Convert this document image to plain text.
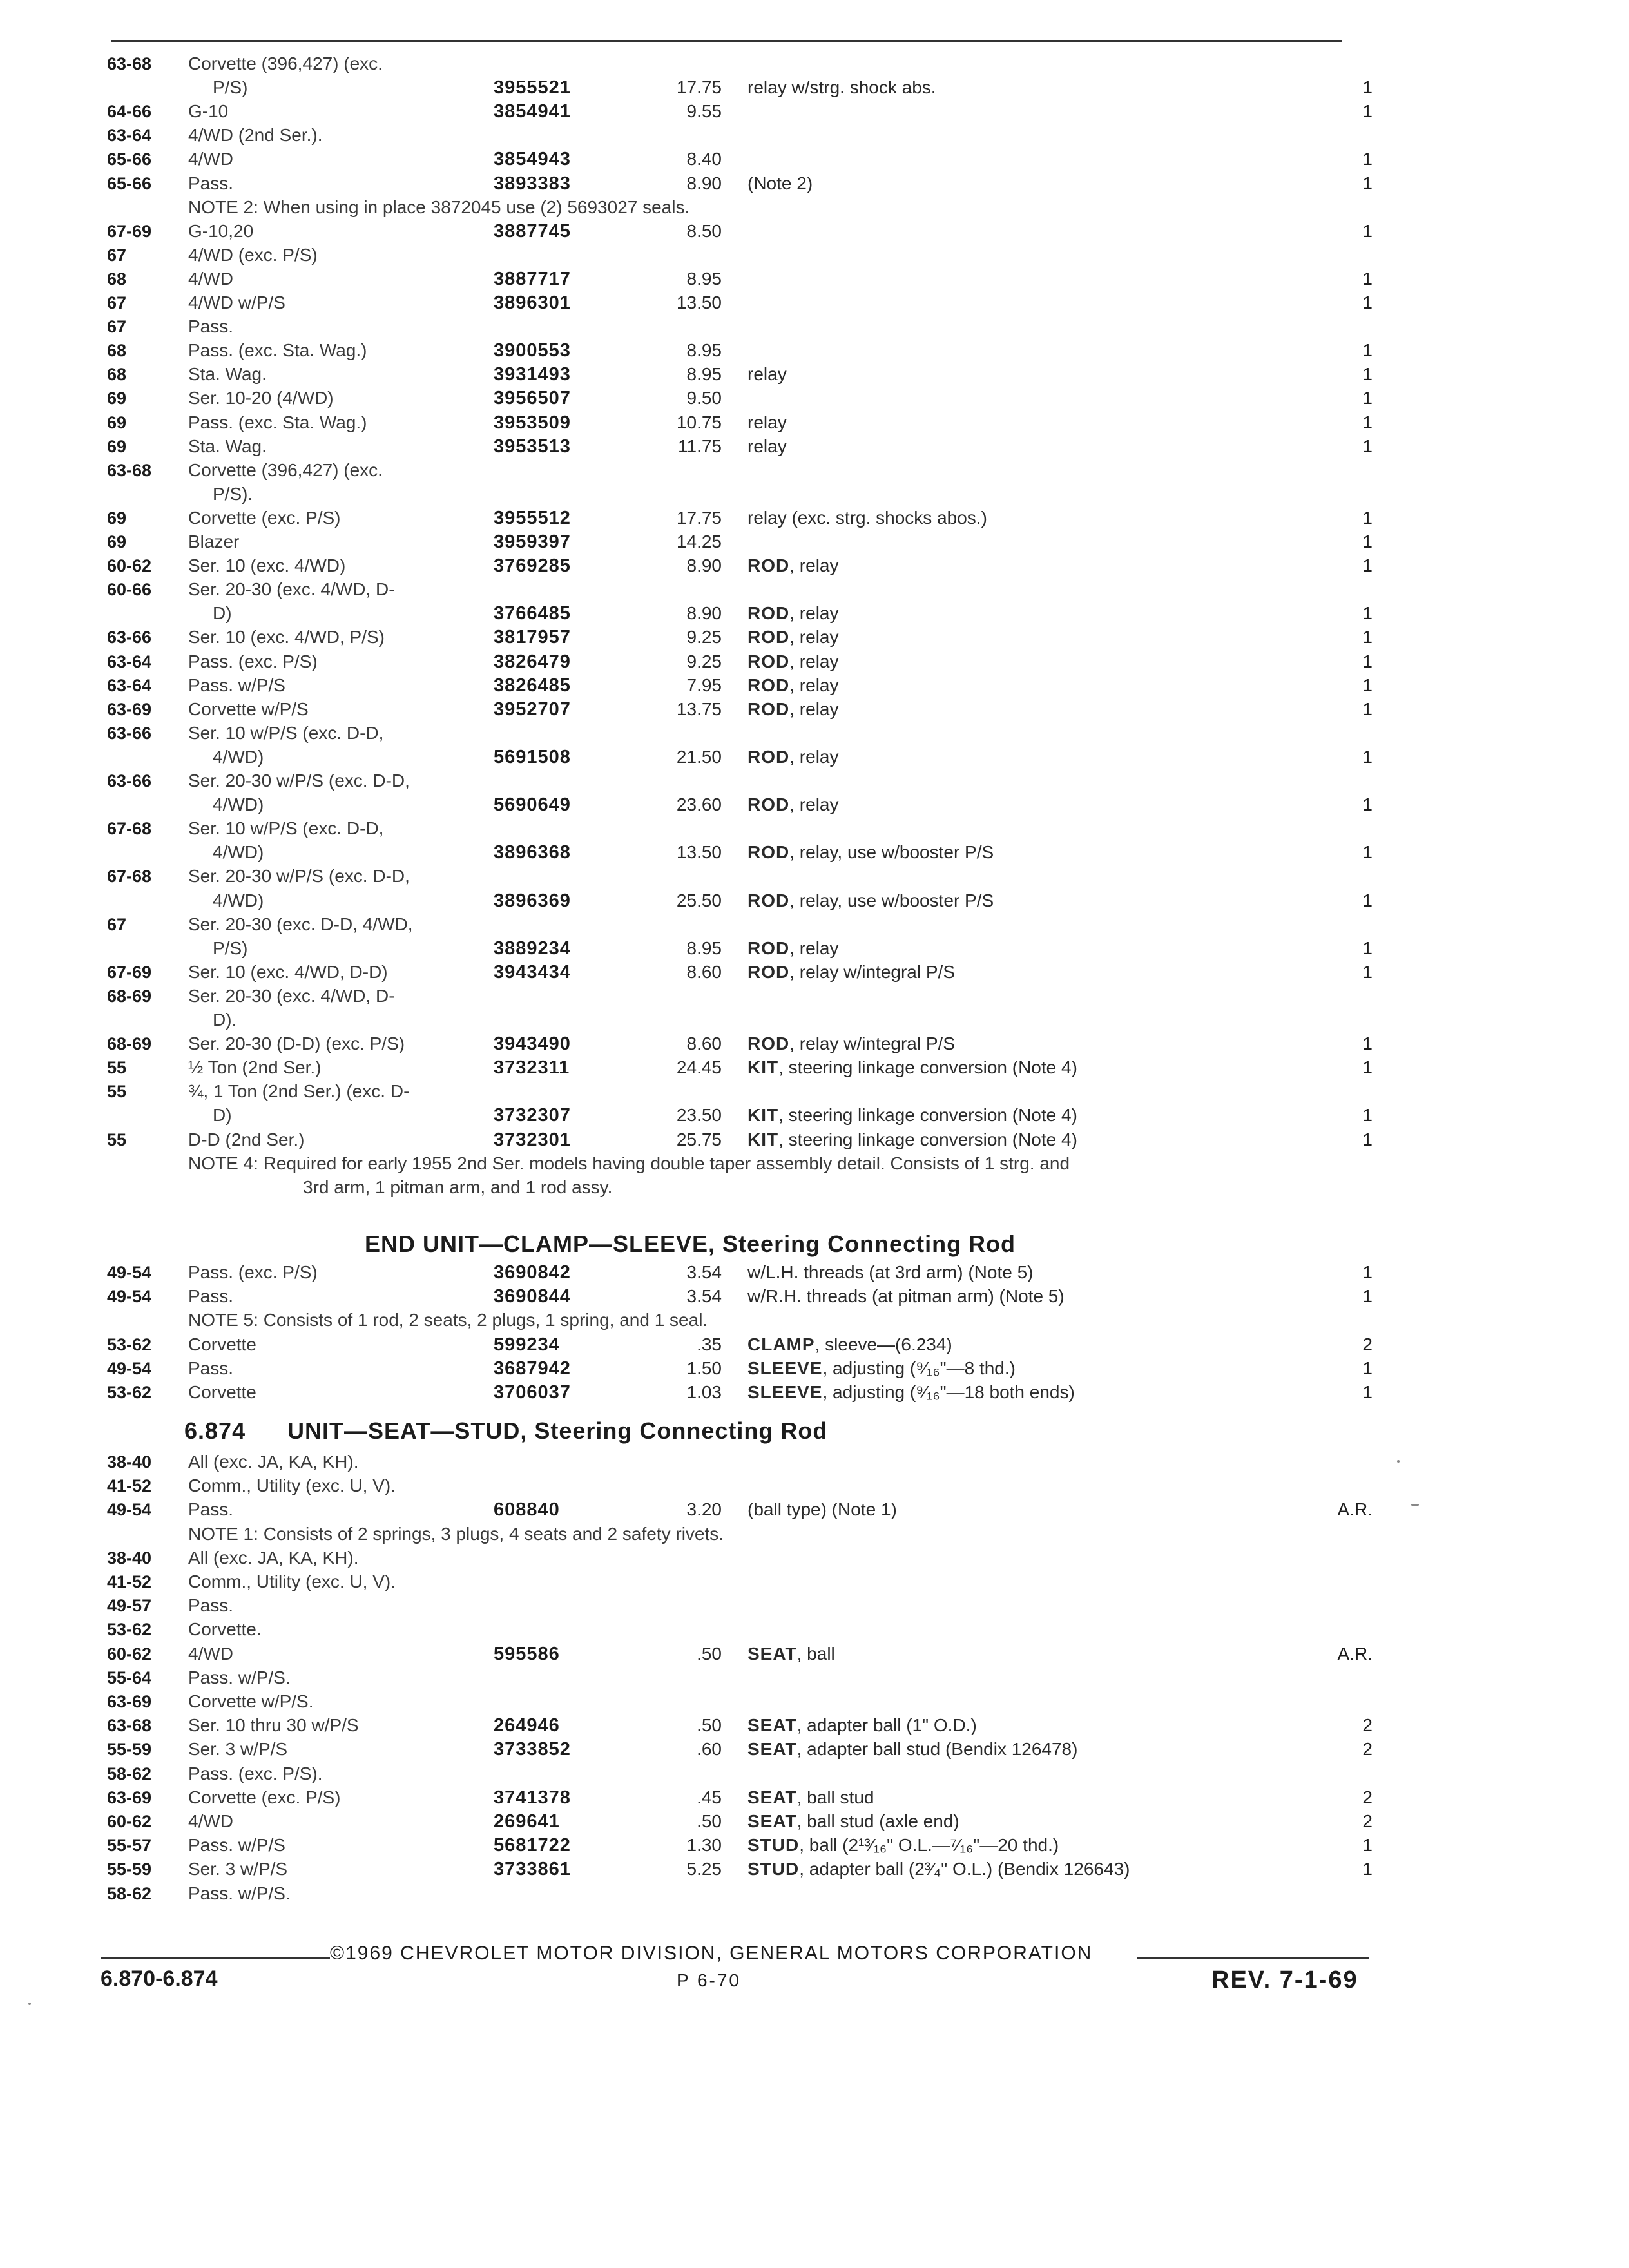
63-68 Corvette (396,427) (exc.
P/S)	3955521	17.75 relay w/strg. shock abs.	1
64-66 G-10	3854941	9.55	1
63-64 4/WD (2nd Ser.).
65-66 4/WD	3854943	8.40	1
65-66 Pass.	3893383	8.90 (Note 2)	1
NOTE 2: When using in place 3872045 use (2) 5693027 seals.
67-69 G-10,20	3887745	8.50	1
67	4/WD (exc. P/S)
68	4/WD	3887717	8.95	1
67	4/WD w/P/S	3896301	13.50	1
67	Pass.
68	Pass. (exc. Sta. Wag.)	3900553	8.95	1
68	Sta. Wag.	3931493	8.95 relay	1
69	Ser. 10-20 (4/WD)	3956507	9.50	1
69	Pass. (exc. Sta. Wag.)	3953509	10.75 relay	1
69	Sta. Wag.	3953513	11.75 relay	1
63-68 Corvette (396,427) (exc.
P/S).
69	Corvette (exc. P/S)	3955512	17.75 relay (exc. strg. shocks abos.)	1
69	Blazer	3959397	14.25	1
60-62 Ser. 10 (exc. 4/WD)	3769285	8.90 ROD, relay	1
60-66 Ser. 20-30 (exc. 4/WD, D-
D)	3766485	8.90 ROD, relay	1
63-66 Ser. 10 (exc. 4/WD, P/S)	3817957	9.25 ROD, relay	1
63-64 Pass. (exc. P/S)	3826479	9.25 ROD, relay	1
63-64 Pass. w/P/S	3826485	7.95 ROD, relay	1
63-69 Corvette w/P/S	3952707	13.75 ROD, relay	1
63-66 Ser. 10 w/P/S (exc. D-D,
4/WD)	5691508	21.50 ROD, relay	1
63-66 Ser. 20-30 w/P/S (exc. D-D,
4/WD)	5690649	23.60 ROD, relay	1
67-68 Ser. 10 w/P/S (exc. D-D,
4/WD)	3896368	13.50 ROD, relay, use w/booster P/S	1
67-68 Ser. 20-30 w/P/S (exc. D-D,
4/WD)	3896369	25.50 ROD, relay, use w/booster P/S	1
67	Ser. 20-30 (exc. D-D, 4/WD,
P/S)	3889234	8.95 ROD, relay	1
67-69 Ser. 10 (exc. 4/WD, D-D)	3943434	8.60 ROD, relay w/integral P/S	1
68-69 Ser. 20-30 (exc. 4/WD, D-
D).
68-69 Ser. 20-30 (D-D) (exc. P/S)	3943490	8.60 ROD, relay w/integral P/S	1
55	½ Ton (2nd Ser.)	3732311	24.45 KIT, steering linkage conversion (Note 4)	1
55	¾, 1 Ton (2nd Ser.) (exc. D-
D)	3732307	23.50 KIT, steering linkage conversion (Note 4)	1
55	D-D (2nd Ser.)	3732301	25.75 KIT, steering linkage conversion (Note 4)	1
NOTE 4: Required for early 1955 2nd Ser. models having double taper assembly detail. Consists of 1 strg. and
3rd arm, 1 pitman arm, and 1 rod assy.
END UNIT—CLAMP—SLEEVE, Steering Connecting Rod
49-54 Pass. (exc. P/S)	3690842	3.54 w/L.H. threads (at 3rd arm) (Note 5)	1
49-54 Pass.	3690844	3.54 w/R.H. threads (at pitman arm) (Note 5)	1
NOTE 5: Consists of 1 rod, 2 seats, 2 plugs, 1 spring, and 1 seal.
53-62 Corvette	599234	.35 CLAMP, sleeve—(6.234)	2
49-54 Pass.	3687942	1.50 SLEEVE, adjusting (⁹⁄₁₆"—8 thd.)	1
53-62 Corvette	3706037	1.03 SLEEVE, adjusting (⁹⁄₁₆"—18 both ends)	1
6.874 UNIT—SEAT—STUD, Steering Connecting Rod
38-40 All (exc. JA, KA, KH).
41-52 Comm., Utility (exc. U, V).
49-54 Pass.	608840	3.20 (ball type) (Note 1)	A.R.
NOTE 1: Consists of 2 springs, 3 plugs, 4 seats and 2 safety rivets.
38-40 All (exc. JA, KA, KH).
41-52 Comm., Utility (exc. U, V).
49-57 Pass.
53-62 Corvette.
60-62 4/WD	595586	.50 SEAT, ball	A.R.
55-64 Pass. w/P/S.
63-69 Corvette w/P/S.
63-68 Ser. 10 thru 30 w/P/S	264946	.50 SEAT, adapter ball (1" O.D.)	2
55-59 Ser. 3 w/P/S	3733852	.60 SEAT, adapter ball stud (Bendix 126478)	2
58-62 Pass. (exc. P/S).
63-69 Corvette (exc. P/S)	3741378	.45 SEAT, ball stud	2
60-62 4/WD	269641	.50 SEAT, ball stud (axle end)	2
55-57 Pass. w/P/S	5681722	1.30 STUD, ball (2¹³⁄₁₆" O.L.—⁷⁄₁₆"—20 thd.)	1
55-59 Ser. 3 w/P/S	3733861	5.25 STUD, adapter ball (2³⁄₄" O.L.) (Bendix 126643)	1
58-62 Pass. w/P/S.
©1969 CHEVROLET MOTOR DIVISION, GENERAL MOTORS CORPORATION
6.870-6.874	P 6-70	REV. 7-1-69
